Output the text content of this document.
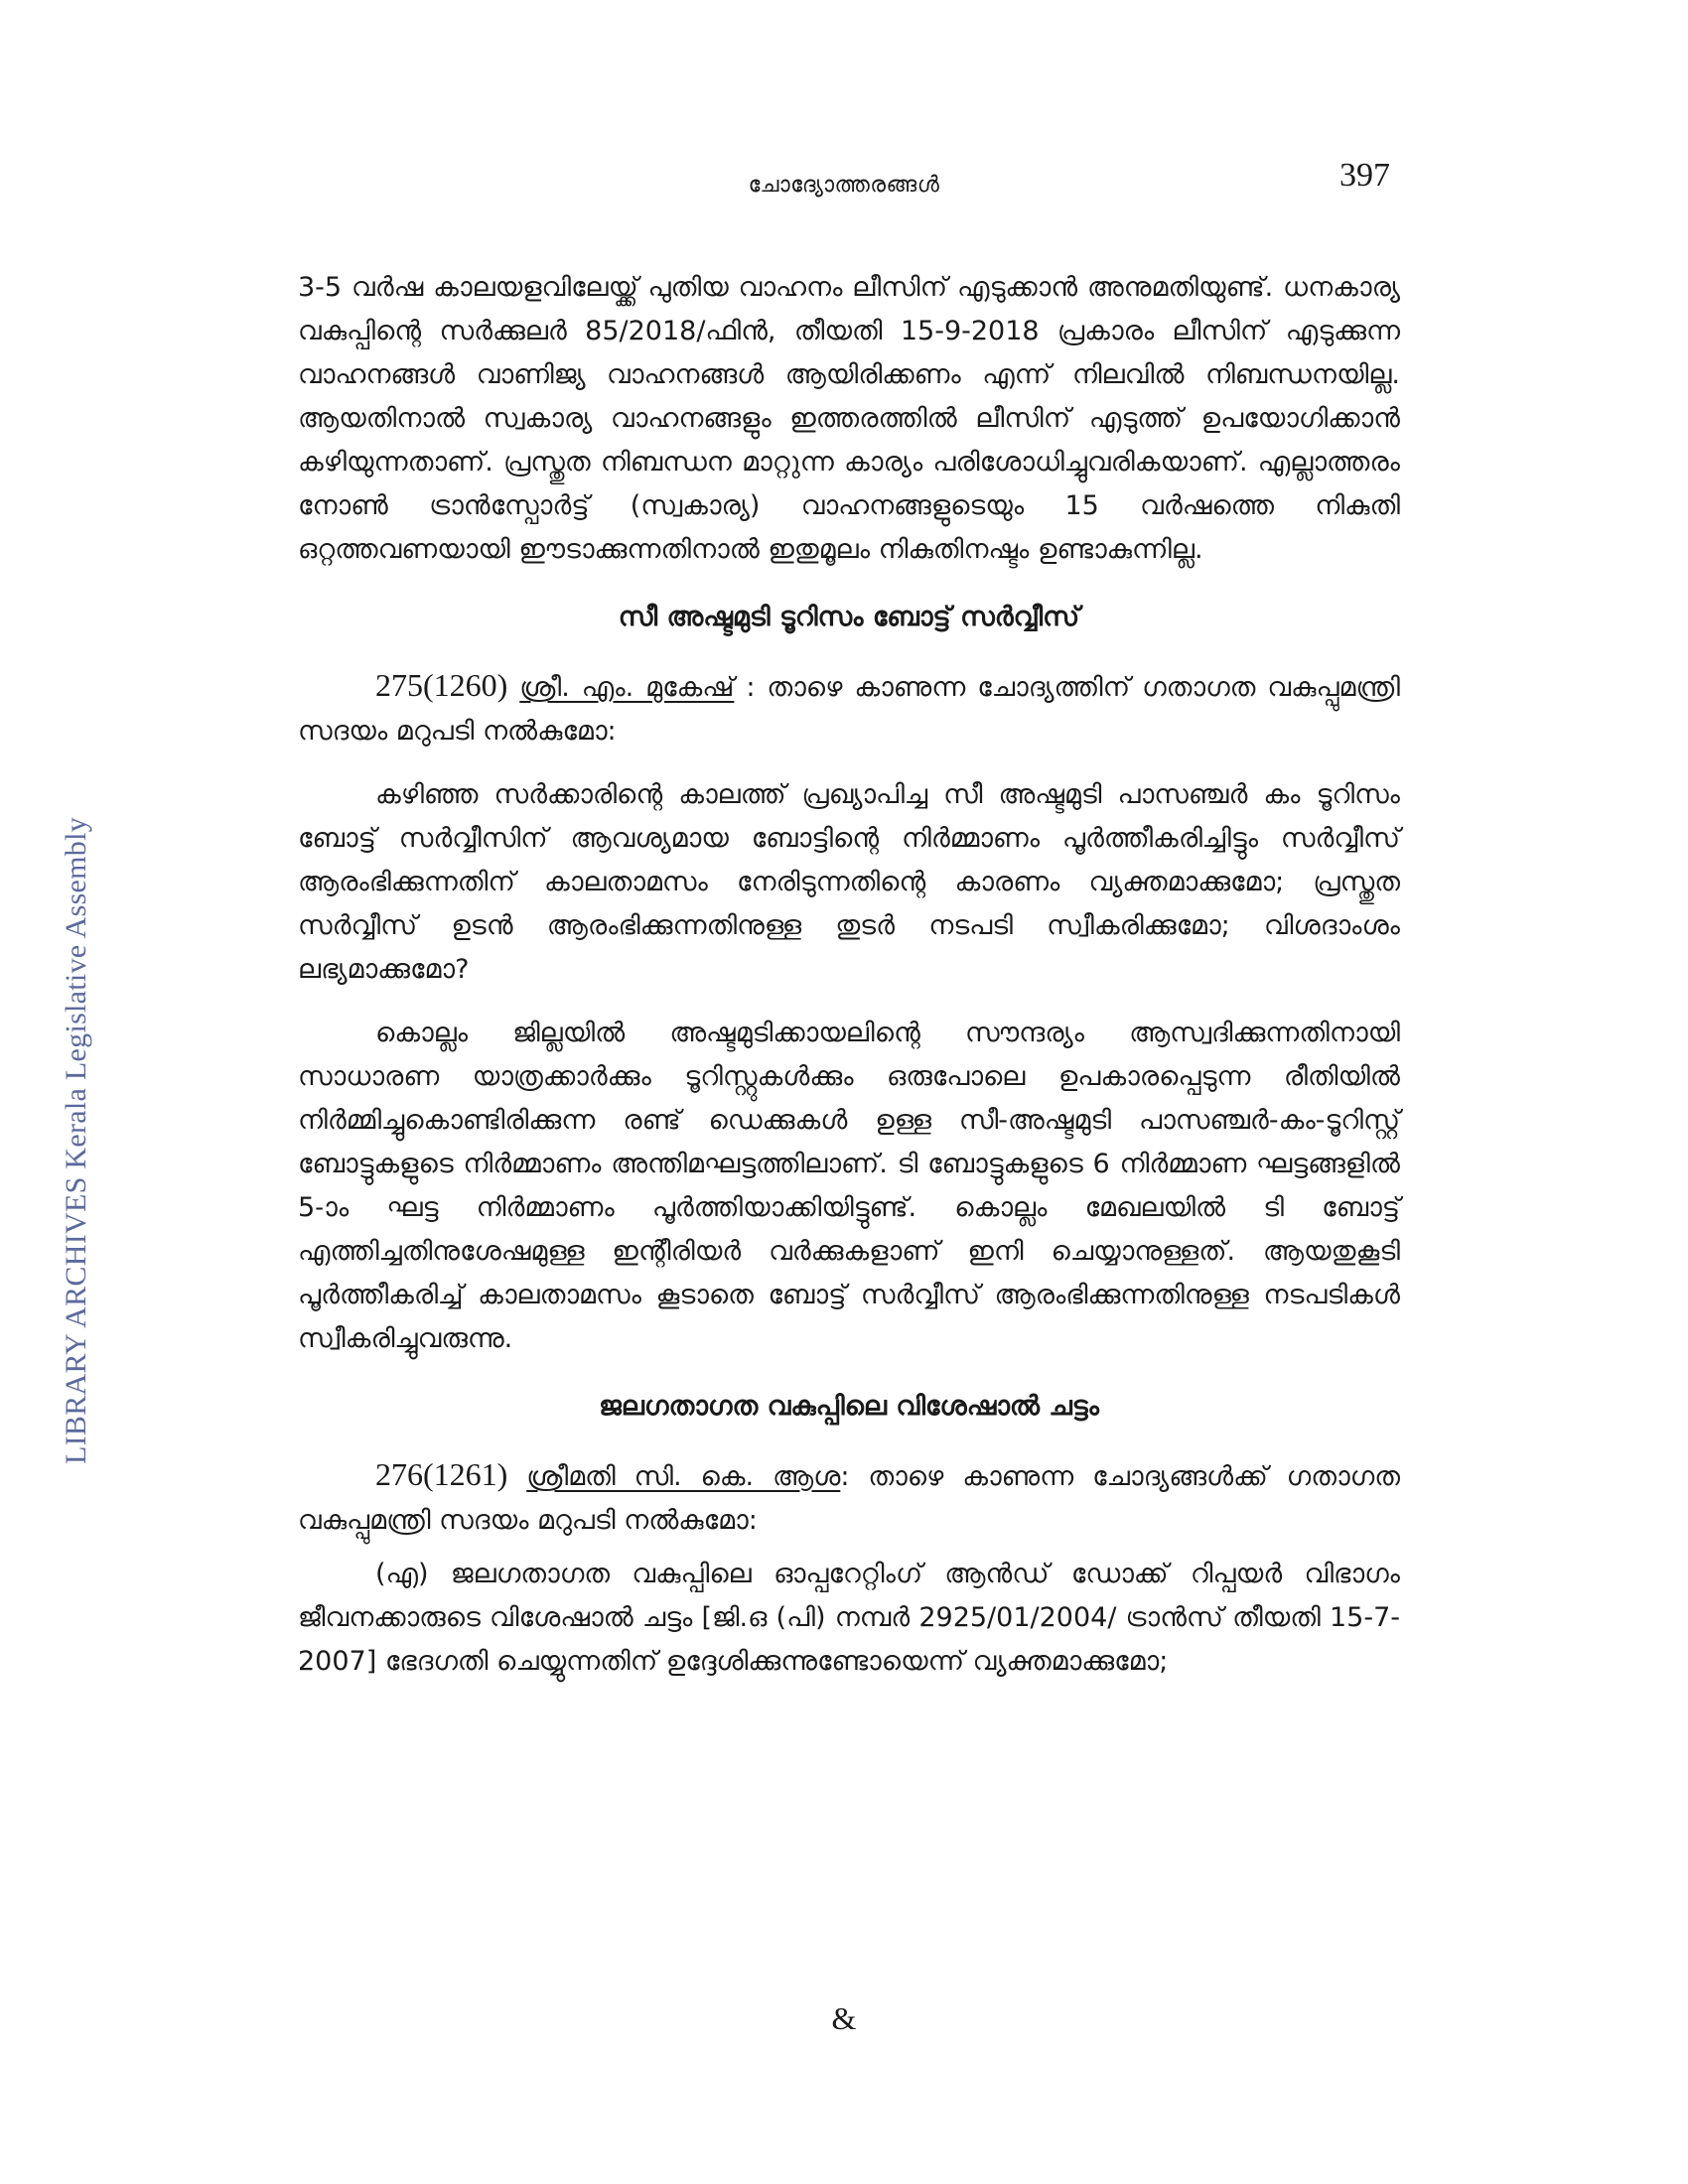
ചോദ്യോത്തരങ്ങൾ	397
LIBRARY ARCHIVES Kerala Legislative Assembly

3-5 വർഷ കാലയളവിലേയ്ക്ക് പുതിയ വാഹനം ലീസിന് എടുക്കാൻ അനുമതിയുണ്ട്. ധനകാര്യ വകുപ്പിന്റെ സർക്കുലർ 85/2018/ഫിൻ, തീയതി 15-9-2018 പ്രകാരം ലീസിന് എടുക്കുന്ന വാഹനങ്ങൾ വാണിജ്യ വാഹനങ്ങൾ ആയിരിക്കണം എന്ന് നിലവിൽ നിബന്ധനയില്ല. ആയതിനാൽ സ്വകാര്യ വാഹനങ്ങളും ഇത്തരത്തിൽ ലീസിന് എടുത്ത് ഉപയോഗിക്കാൻ കഴിയുന്നതാണ്. പ്രസ്തുത നിബന്ധന മാറ്റുന്ന കാര്യം പരിശോധിച്ചുവരികയാണ്. എല്ലാത്തരം നോൺ ട്രാൻസ്പോർട്ട് (സ്വകാര്യ) വാഹനങ്ങളുടെയും 15 വർഷത്തെ നികുതി ഒറ്റത്തവണയായി ഈടാക്കുന്നതിനാൽ ഇതുമൂലം നികുതിനഷ്ടം ഉണ്ടാകുന്നില്ല.

സീ അഷ്ടമുടി ടൂറിസം ബോട്ട് സർവ്വീസ്

275(1260) ശ്രീ. എം. മുകേഷ് : താഴെ കാണുന്ന ചോദ്യത്തിന് ഗതാഗത വകുപ്പുമന്ത്രി സദയം മറുപടി നൽകുമോ:

കഴിഞ്ഞ സർക്കാരിന്റെ കാലത്ത് പ്രഖ്യാപിച്ച സീ അഷ്ടമുടി പാസഞ്ചർ കം ടൂറിസം ബോട്ട് സർവ്വീസിന് ആവശ്യമായ ബോട്ടിന്റെ നിർമ്മാണം പൂർത്തീകരിച്ചിട്ടും സർവ്വീസ് ആരംഭിക്കുന്നതിന് കാലതാമസം നേരിടുന്നതിന്റെ കാരണം വ്യക്തമാക്കുമോ; പ്രസ്തുത സർവ്വീസ് ഉടൻ ആരംഭിക്കുന്നതിനുള്ള തുടർ നടപടി സ്വീകരിക്കുമോ; വിശദാംശം ലഭ്യമാക്കുമോ?

കൊല്ലം ജില്ലയിൽ അഷ്ടമുടിക്കായലിന്റെ സൗന്ദര്യം ആസ്വദിക്കുന്നതിനായി സാധാരണ യാത്രക്കാർക്കും ടൂറിസ്റ്റുകൾക്കും ഒരുപോലെ ഉപകാരപ്പെടുന്ന രീതിയിൽ നിർമ്മിച്ചുകൊണ്ടിരിക്കുന്ന രണ്ട് ഡെക്കുകൾ ഉള്ള സീ-അഷ്ടമുടി പാസഞ്ചർ-കം-ടൂറിസ്റ്റ് ബോട്ടുകളുടെ നിർമ്മാണം അന്തിമഘട്ടത്തിലാണ്. ടി ബോട്ടുകളുടെ 6 നിർമ്മാണ ഘട്ടങ്ങളിൽ 5-ാം ഘട്ട നിർമ്മാണം പൂർത്തിയാക്കിയിട്ടുണ്ട്. കൊല്ലം മേഖലയിൽ ടി ബോട്ട് എത്തിച്ചതിനുശേഷമുള്ള ഇന്റീരിയർ വർക്കുകളാണ് ഇനി ചെയ്യാനുള്ളത്. ആയതുകൂടി പൂർത്തീകരിച്ച് കാലതാമസം കൂടാതെ ബോട്ട് സർവ്വീസ് ആരംഭിക്കുന്നതിനുള്ള നടപടികൾ സ്വീകരിച്ചുവരുന്നു.

ജലഗതാഗത വകുപ്പിലെ വിശേഷാൽ ചട്ടം

276(1261) ശ്രീമതി സി. കെ. ആശ: താഴെ കാണുന്ന ചോദ്യങ്ങൾക്ക് ഗതാഗത വകുപ്പുമന്ത്രി സദയം മറുപടി നൽകുമോ:

(എ) ജലഗതാഗത വകുപ്പിലെ ഓപ്പറേറ്റിംഗ് ആൻഡ് ഡോക്ക് റിപ്പയർ വിഭാഗം ജീവനക്കാരുടെ വിശേഷാൽ ചട്ടം [ജി.ഒ (പി) നമ്പർ 2925/01/2004/ ട്രാൻസ് തീയതി 15-7-2007] ഭേദഗതി ചെയ്യുന്നതിന് ഉദ്ദേശിക്കുന്നുണ്ടോയെന്ന് വ്യക്തമാക്കുമോ;

&
